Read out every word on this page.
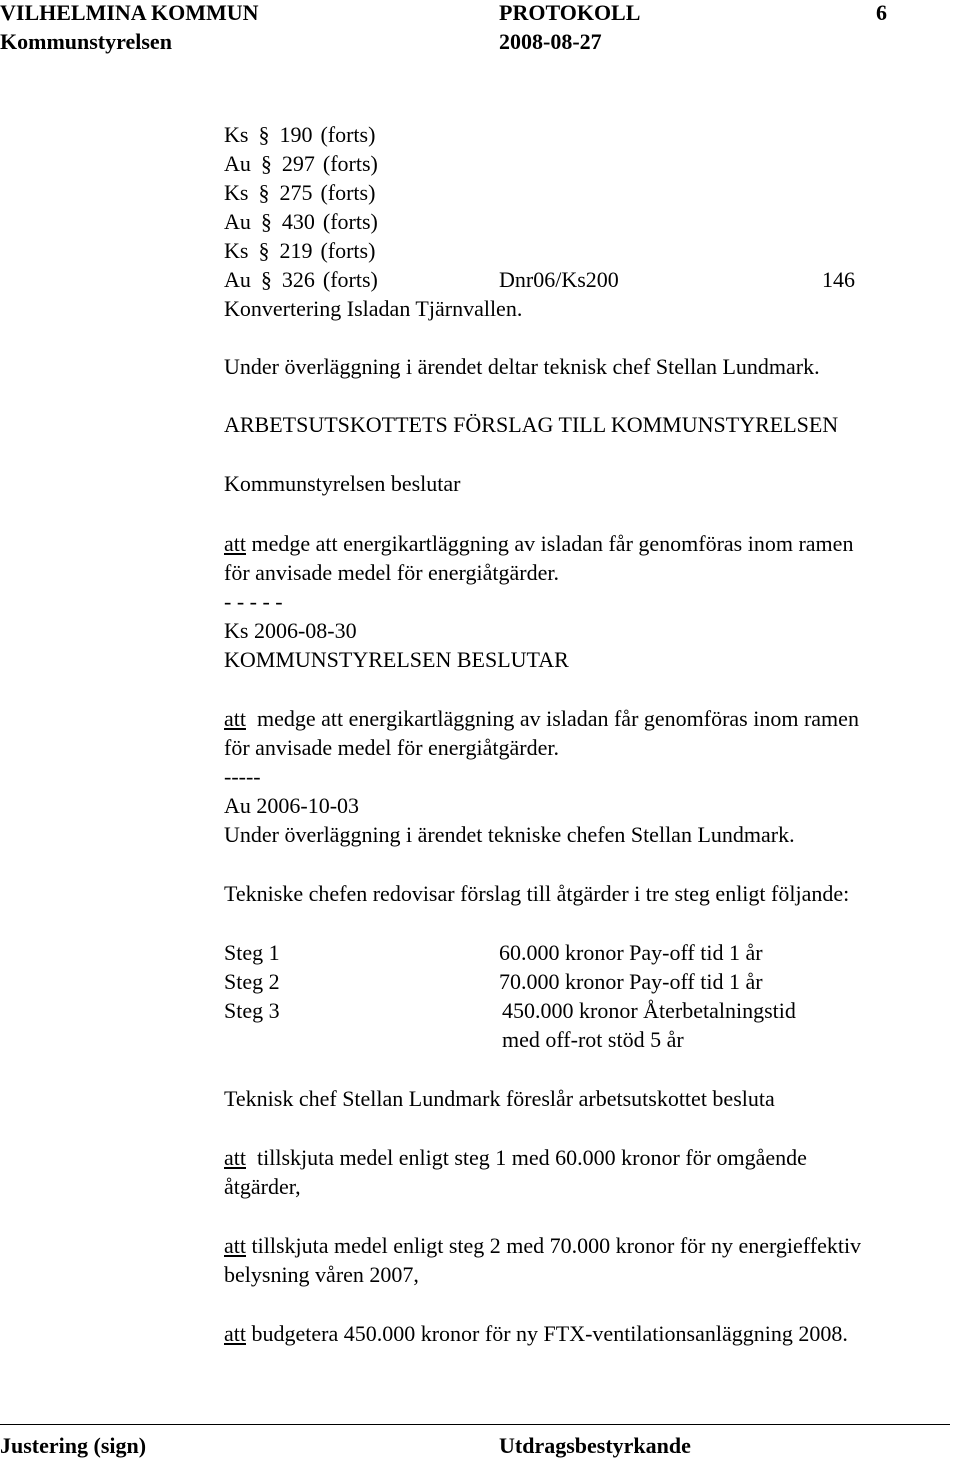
VILHELMINA KOMMUN	PROTOKOLL	6
Kommunstyrelsen	2008-08-27
Ks § 190 (forts)
Au § 297 (forts)
Ks § 275 (forts)
Au § 430 (forts)
Ks § 219 (forts)
Au § 326 (forts)	Dnr06/Ks200	146
Konvertering Isladan Tjärnvallen.
Under överläggning i ärendet deltar teknisk chef Stellan Lundmark.
ARBETSUTSKOTTETS FÖRSLAG TILL KOMMUNSTYRELSEN
Kommunstyrelsen beslutar
att medge att energikartläggning av isladan får genomföras inom ramen
för anvisade medel för energiåtgärder.
- - - - -
Ks 2006-08-30
KOMMUNSTYRELSEN BESLUTAR
att  medge att energikartläggning av isladan får genomföras inom ramen
för anvisade medel för energiåtgärder.
-----
Au 2006-10-03
Under överläggning i ärendet tekniske chefen Stellan Lundmark.
Tekniske chefen redovisar förslag till åtgärder i tre steg enligt följande:
Steg 1	60.000 kronor Pay-off tid 1 år
Steg 2	70.000 kronor Pay-off tid 1 år
Steg 3	450.000 kronor Återbetalningstid
med off-rot stöd 5 år
Teknisk chef Stellan Lundmark föreslår arbetsutskottet besluta
att  tillskjuta medel enligt steg 1 med 60.000 kronor för omgående
åtgärder,
att tillskjuta medel enligt steg 2 med 70.000 kronor för ny energieffektiv
belysning våren 2007,
att budgetera 450.000 kronor för ny FTX-ventilationsanläggning 2008.
Justering (sign)	Utdragsbestyrkande
